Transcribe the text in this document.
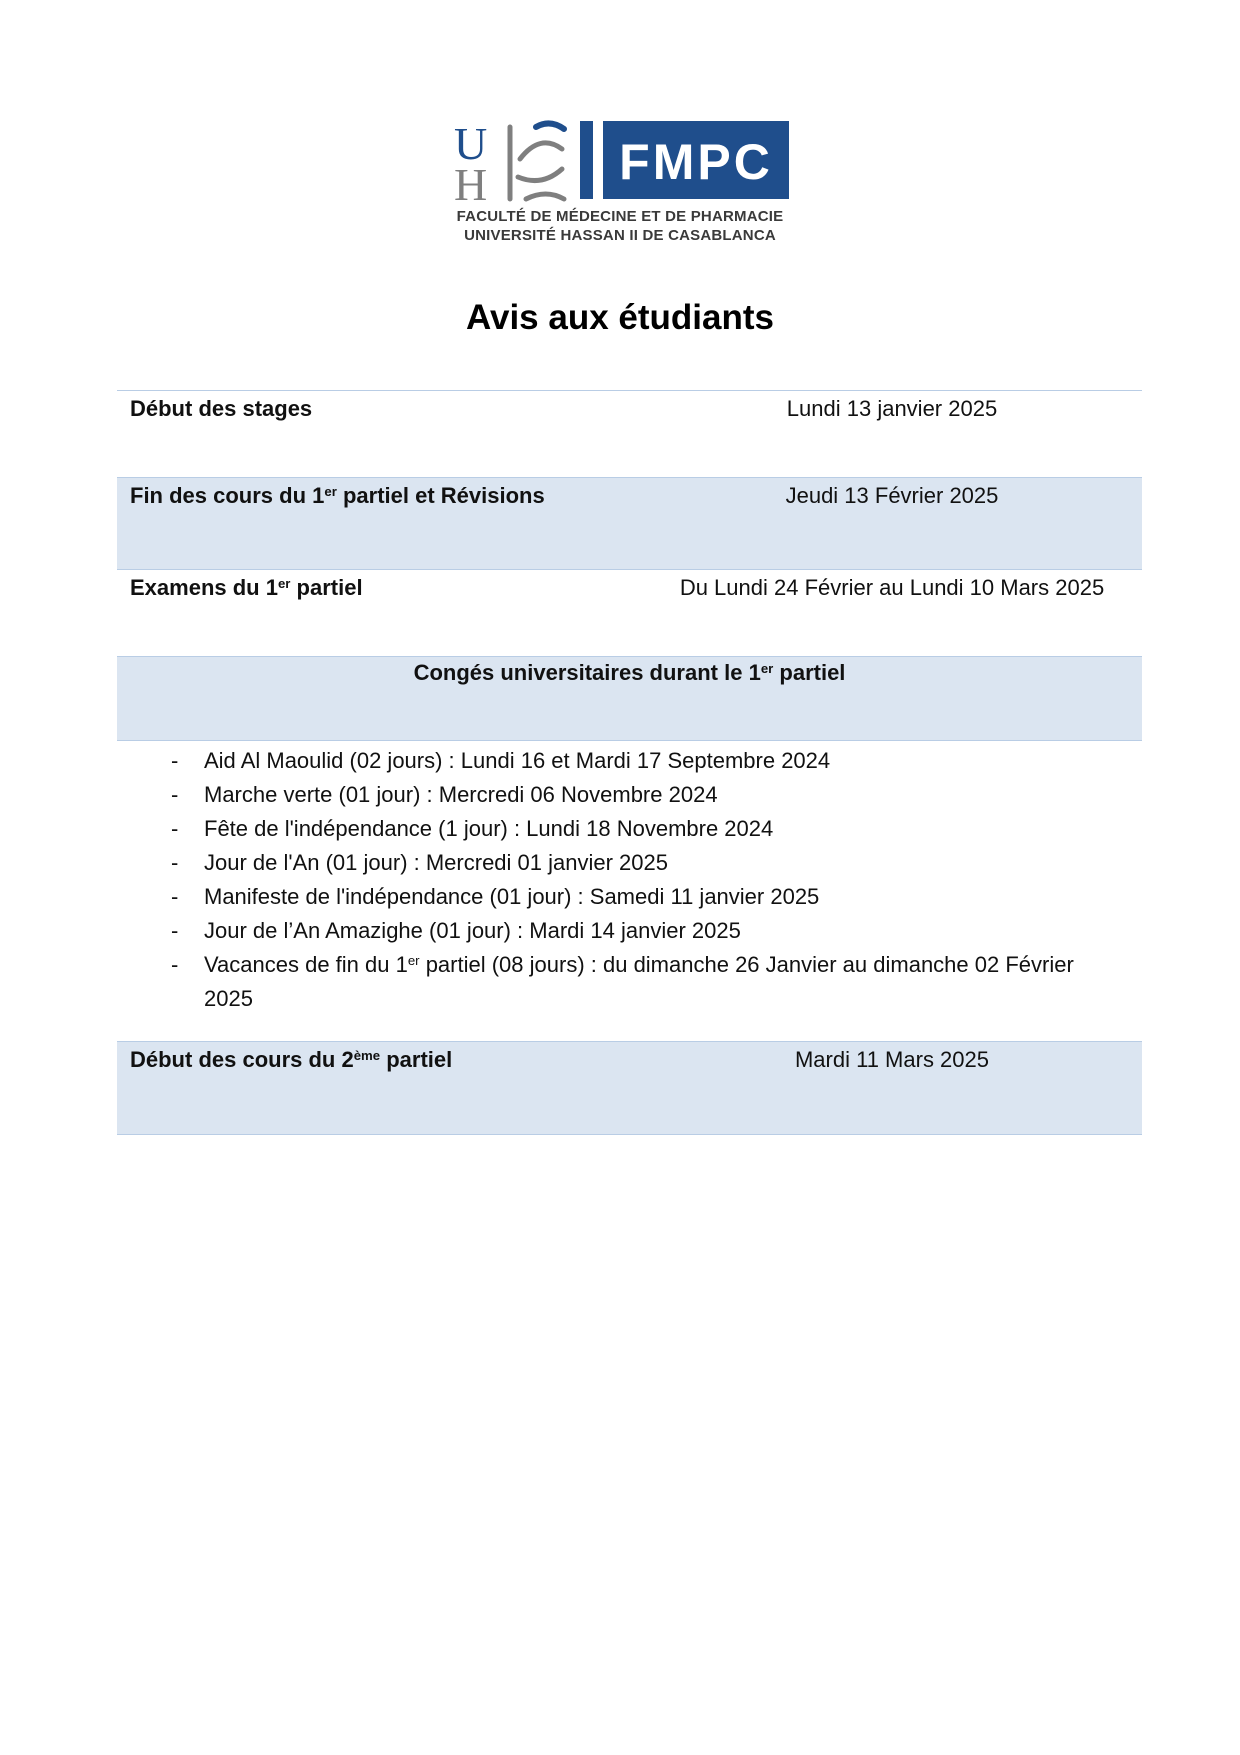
U
H	FMPC
FACULTÉ DE MÉDECINE ET DE PHARMACIE
UNIVERSITÉ HASSAN II DE CASABLANCA
Avis aux étudiants
Début des stages	Lundi 13 janvier 2025
Fin des cours du 1er partiel et Révisions	Jeudi 13 Février 2025
Examens du 1er partiel	Du Lundi 24 Février au Lundi 10 Mars 2025
Congés universitaires durant le 1er partiel
-	Aid Al Maoulid (02 jours) : Lundi 16 et Mardi 17 Septembre 2024
-	Marche verte (01 jour) : Mercredi 06 Novembre 2024
-	Fête de l'indépendance (1 jour) : Lundi 18 Novembre 2024
-	Jour de l'An (01 jour) : Mercredi 01 janvier 2025
-	Manifeste de l'indépendance (01 jour) : Samedi 11 janvier 2025
-	Jour de l’An Amazighe (01 jour) : Mardi 14 janvier 2025
-	Vacances de fin du 1er partiel (08 jours) : du dimanche 26 Janvier au dimanche 02 Février 2025
Début des cours du 2ème partiel	Mardi 11 Mars 2025
